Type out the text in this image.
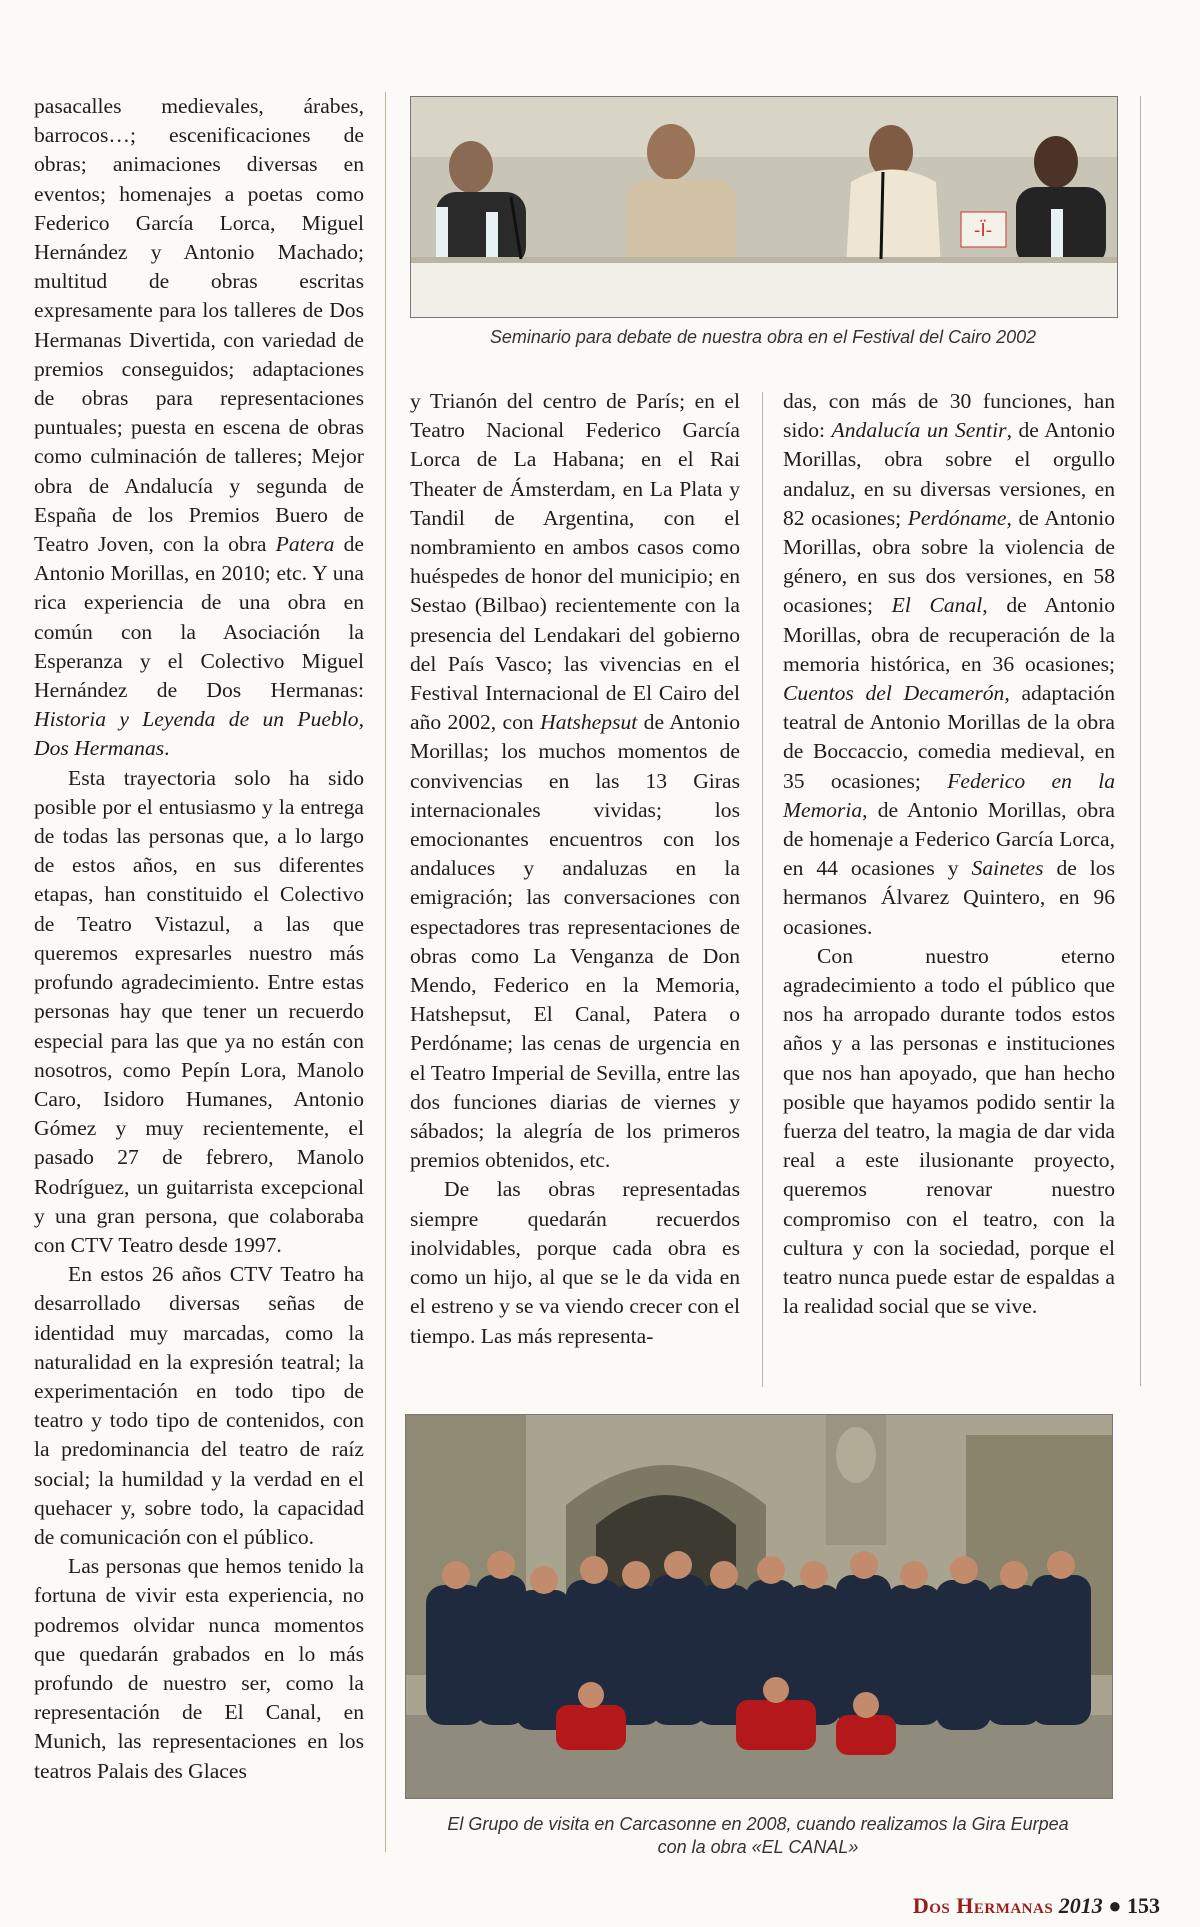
pasacalles medievales, árabes, barrocos…; escenificaciones de obras; animaciones diversas en eventos; homenajes a poetas como Federico García Lorca, Miguel Hernández y Antonio Machado; multitud de obras escritas expresamente para los talleres de Dos Hermanas Divertida, con variedad de premios conseguidos; adaptaciones de obras para representaciones puntuales; puesta en escena de obras como culminación de talleres; Mejor obra de Andalucía y segunda de España de los Premios Buero de Teatro Joven, con la obra Patera de Antonio Morillas, en 2010; etc. Y una rica experiencia de una obra en común con la Asociación la Esperanza y el Colectivo Miguel Hernández de Dos Hermanas: Historia y Leyenda de un Pueblo, Dos Hermanas.

Esta trayectoria solo ha sido posible por el entusiasmo y la entrega de todas las personas que, a lo largo de estos años, en sus diferentes etapas, han constituido el Colectivo de Teatro Vistazul, a las que queremos expresarles nuestro más profundo agradecimiento. Entre estas personas hay que tener un recuerdo especial para las que ya no están con nosotros, como Pepín Lora, Manolo Caro, Isidoro Humanes, Antonio Gómez y muy recientemente, el pasado 27 de febrero, Manolo Rodríguez, un guitarrista excepcional y una gran persona, que colaboraba con CTV Teatro desde 1997.

En estos 26 años CTV Teatro ha desarrollado diversas señas de identidad muy marcadas, como la naturalidad en la expresión teatral; la experimentación en todo tipo de teatro y todo tipo de contenidos, con la predominancia del teatro de raíz social; la humildad y la verdad en el quehacer y, sobre todo, la capacidad de comunicación con el público.

Las personas que hemos tenido la fortuna de vivir esta experiencia, no podremos olvidar nunca momentos que quedarán grabados en lo más profundo de nuestro ser, como la representación de El Canal, en Munich, las representaciones en los teatros Palais des Glaces

-Ï-
Seminario para debate de nuestra obra en el Festival del Cairo 2002

y Trianón del centro de París; en el Teatro Nacional Federico García Lorca de La Habana; en el Rai Theater de Ámsterdam, en La Plata y Tandil de Argentina, con el nombramiento en ambos casos como huéspedes de honor del municipio; en Sestao (Bilbao) recientemente con la presencia del Lendakari del gobierno del País Vasco; las vivencias en el Festival Internacional de El Cairo del año 2002, con Hatshepsut de Antonio Morillas; los muchos momentos de convivencias en las 13 Giras internacionales vividas; los emocionantes encuentros con los andaluces y andaluzas en la emigración; las conversaciones con espectadores tras representaciones de obras como La Venganza de Don Mendo, Federico en la Memoria, Hatshepsut, El Canal, Patera o Perdóname; las cenas de urgencia en el Teatro Imperial de Sevilla, entre las dos funciones diarias de viernes y sábados; la alegría de los primeros premios obtenidos, etc.

De las obras representadas siempre quedarán recuerdos inolvidables, porque cada obra es como un hijo, al que se le da vida en el estreno y se va viendo crecer con el tiempo. Las más representa-

das, con más de 30 funciones, han sido: Andalucía un Sentir, de Antonio Morillas, obra sobre el orgullo andaluz, en su diversas versiones, en 82 ocasiones; Perdóname, de Antonio Morillas, obra sobre la violencia de género, en sus dos versiones, en 58 ocasiones; El Canal, de Antonio Morillas, obra de recuperación de la memoria histórica, en 36 ocasiones; Cuentos del Decamerón, adaptación teatral de Antonio Morillas de la obra de Boccaccio, comedia medieval, en 35 ocasiones; Federico en la Memoria, de Antonio Morillas, obra de homenaje a Federico García Lorca, en 44 ocasiones y Sainetes de los hermanos Álvarez Quintero, en 96 ocasiones.

Con nuestro eterno agradecimiento a todo el público que nos ha arropado durante todos estos años y a las personas e instituciones que nos han apoyado, que han hecho posible que hayamos podido sentir la fuerza del teatro, la magia de dar vida real a este ilusionante proyecto, queremos renovar nuestro compromiso con el teatro, con la cultura y con la sociedad, porque el teatro nunca puede estar de espaldas a la realidad social que se vive.

El Grupo de visita en Carcasonne en 2008, cuando realizamos la Gira Eurpea
con la obra «EL CANAL»
Dos Hermanas 2013 ● 153
